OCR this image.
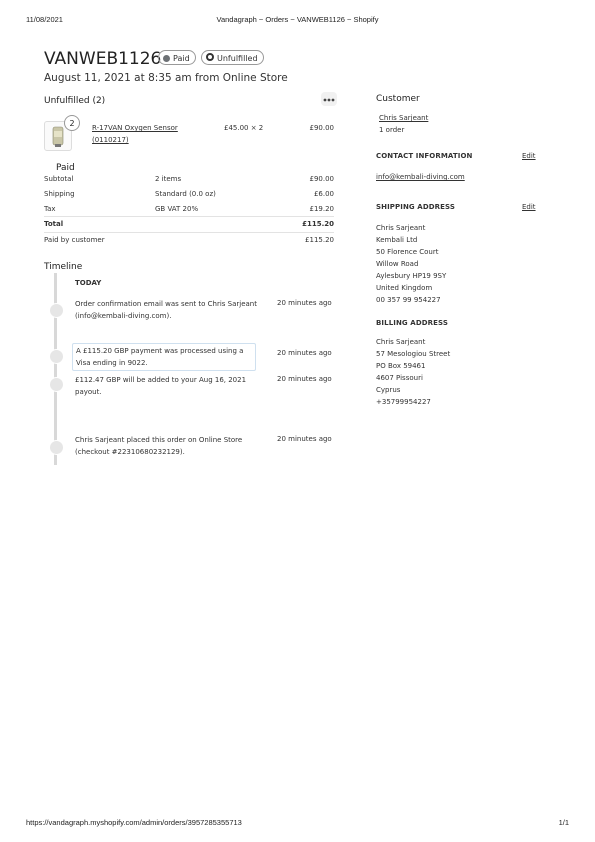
11/08/2021	Vandagraph ~ Orders ~ VANWEB1126 ~ Shopify
VANWEB1126	Paid	Unfulfilled
August 11, 2021 at 8:35 am from Online Store
Unfulfilled (2)
2	R-17VAN Oxygen Sensor
(0110217)
£45.00 × 2	£90.00
Paid
Subtotal	2 items	£90.00
Shipping	Standard (0.0 oz)	£6.00
Tax	GB VAT 20%	£19.20
Total	£115.20
Paid by customer	£115.20
Timeline
TODAY
Order confirmation email was sent to Chris Sarjeant (info@kembali-diving.com).
20 minutes ago
A £115.20 GBP payment was processed using a Visa ending in 9022.
20 minutes ago
£112.47 GBP will be added to your Aug 16, 2021 payout.
20 minutes ago
Chris Sarjeant placed this order on Online Store (checkout #22310680232129).
20 minutes ago
Customer
Chris Sarjeant
1 order
CONTACT INFORMATION	Edit
info@kembali-diving.com
SHIPPING ADDRESS	Edit
Chris Sarjeant
Kembali Ltd
50 Florence Court
Willow Road
Aylesbury HP19 9SY
United Kingdom
00 357 99 954227
BILLING ADDRESS
Chris Sarjeant
57 Mesologiou Street
PO Box 59461
4607 Pissouri
Cyprus
+35799954227
https://vandagraph.myshopify.com/admin/orders/3957285355713	1/1
